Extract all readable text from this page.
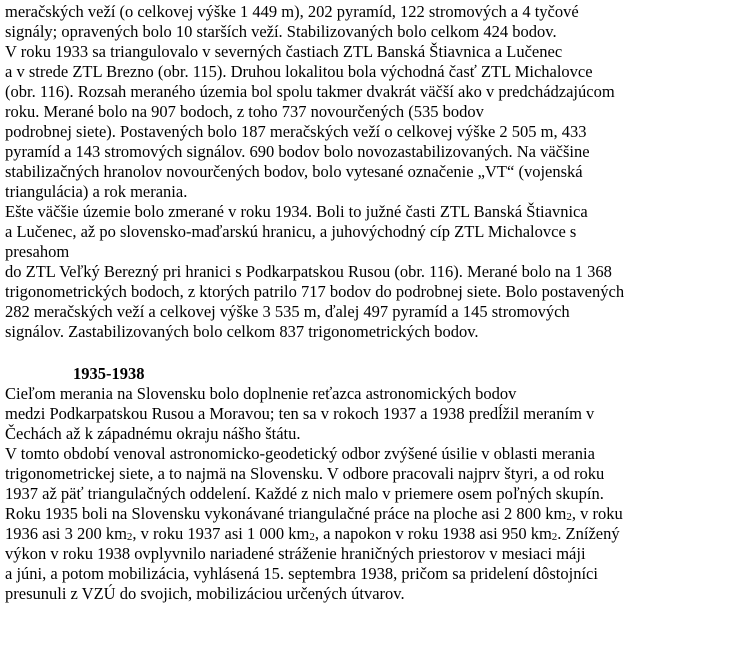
meračských veží (o celkovej výške 1 449 m), 202 pyramíd, 122 stromových a 4 tyčové

signály; opravených bolo 10 starších veží. Stabilizovaných bolo celkom 424 bodov.

V roku 1933 sa triangulovalo v severných častiach ZTL Banská Štiavnica a Lučenec

a v strede ZTL Brezno (obr. 115). Druhou lokalitou bola východná časť ZTL Michalovce

(obr. 116). Rozsah meraného územia bol spolu takmer dvakrát väčší ako v predchádzajúcom

roku. Merané bolo na 907 bodoch, z toho 737 novourčených (535 bodov

podrobnej siete). Postavených bolo 187 meračských veží o celkovej výške 2 505 m, 433

pyramíd a 143 stromových signálov. 690 bodov bolo novozastabilizovaných. Na väčšine

stabilizačných hranolov novourčených bodov, bolo vytesané označenie „VT“ (vojenská

triangulácia) a rok merania.

Ešte väčšie územie bolo zmerané v roku 1934. Boli to južné časti ZTL Banská Štiavnica

a Lučenec, až po slovensko-maďarskú hranicu, a juhovýchodný cíp ZTL Michalovce s

presahom

do ZTL Veľký Berezný pri hranici s Podkarpatskou Rusou (obr. 116). Merané bolo na 1 368

trigonometrických bodoch, z ktorých patrilo 717 bodov do podrobnej siete. Bolo postavených

282 meračských veží a celkovej výške 3 535 m, ďalej 497 pyramíd a 145 stromových

signálov. Zastabilizovaných bolo celkom 837 trigonometrických bodov.

1935-1938

Cieľom merania na Slovensku bolo doplnenie reťazca astronomických bodov

medzi Podkarpatskou Rusou a Moravou; ten sa v rokoch 1937 a 1938 predĺžil meraním v

Čechách až k západnému okraju nášho štátu.

V tomto období venoval astronomicko-geodetický odbor zvýšené úsilie v oblasti merania

trigonometrickej siete, a to najmä na Slovensku. V odbore pracovali najprv štyri, a od roku

1937 až päť triangulačných oddelení. Každé z nich malo v priemere osem poľných skupín.

Roku 1935 boli na Slovensku vykonávané triangulačné práce na ploche asi 2 800 km2, v roku

1936 asi 3 200 km2, v roku 1937 asi 1 000 km2, a napokon v roku 1938 asi 950 km2. Znížený

výkon v roku 1938 ovplyvnilo nariadené stráženie hraničných priestorov v mesiaci máji

a júni, a potom mobilizácia, vyhlásená 15. septembra 1938, pričom sa pridelení dôstojníci

presunuli z VZÚ do svojich, mobilizáciou určených útvarov.
